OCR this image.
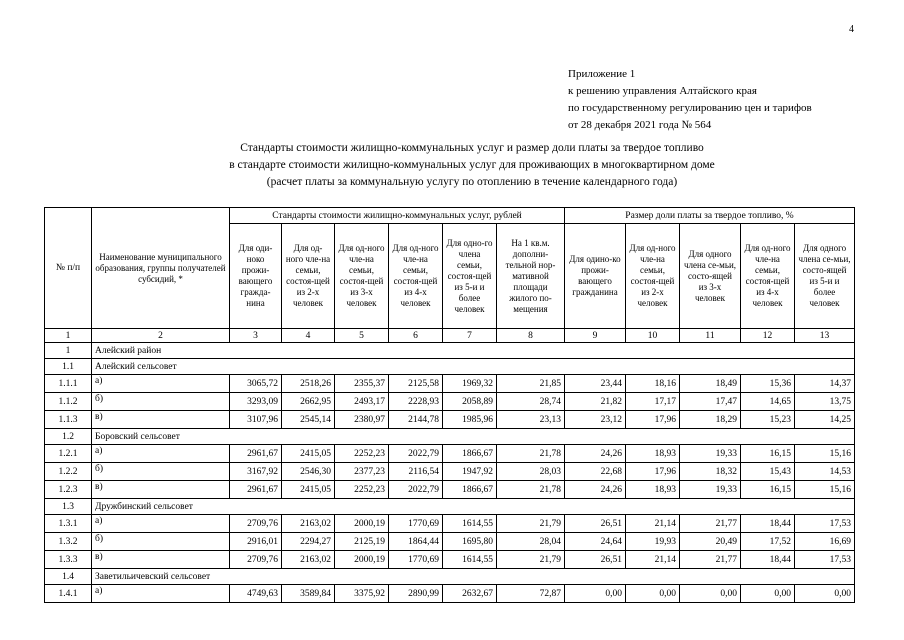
4
Приложение 1
к решению управления Алтайского края
по государственному регулированию цен и тарифов
от 28 декабря 2021 года № 564
Стандарты стоимости жилищно-коммунальных услуг и размер доли платы за твердое топливо
в стандарте стоимости жилищно-коммунальных услуг для проживающих в многоквартирном доме
(расчет платы за коммунальную услугу по отоплению в течение календарного года)
№ п/п	Наименование муниципального образования, группы получателей субсидий, *	Стандарты стоимости жилищно-коммунальных услуг, рублей						Размер доли платы за твердое топливо, %				
		Для оди-ноко прожи-вающего гражда-нина	Для од-ного чле-на семьи, состоя-щей из 2-х человек	Для од-ного чле-на семьи, состоя-щей из 3-х человек	Для од-ного чле-на семьи, состоя-щей из 4-х человек	Для одно-го члена семьи, состоя-щей из 5-и и более человек	На 1 кв.м. дополни-тельной нор-мативной площади жилого по-мещения	Для одино-ко прожи-вающего гражданина	Для од-ного чле-на семьи, состоя-щей из 2-х человек	Для одного члена се-мьи, состо-ящей из 3-х человек	Для од-ного чле-на семьи, состоя-щей из 4-х человек	Для одного члена се-мьи, состо-ящей из 5-и и более человек
1	2	3	4	5	6	7	8	9	10	11	12	13
1	Алейский район											
1.1	Алейский сельсовет											
1.1.1	а)	3065,72	2518,26	2355,37	2125,58	1969,32	21,85	23,44	18,16	18,49	15,36	14,37
1.1.2	б)	3293,09	2662,95	2493,17	2228,93	2058,89	28,74	21,82	17,17	17,47	14,65	13,75
1.1.3	в)	3107,96	2545,14	2380,97	2144,78	1985,96	23,13	23,12	17,96	18,29	15,23	14,25
1.2	Боровский сельсовет											
1.2.1	а)	2961,67	2415,05	2252,23	2022,79	1866,67	21,78	24,26	18,93	19,33	16,15	15,16
1.2.2	б)	3167,92	2546,30	2377,23	2116,54	1947,92	28,03	22,68	17,96	18,32	15,43	14,53
1.2.3	в)	2961,67	2415,05	2252,23	2022,79	1866,67	21,78	24,26	18,93	19,33	16,15	15,16
1.3	Дружбинский сельсовет											
1.3.1	а)	2709,76	2163,02	2000,19	1770,69	1614,55	21,79	26,51	21,14	21,77	18,44	17,53
1.3.2	б)	2916,01	2294,27	2125,19	1864,44	1695,80	28,04	24,64	19,93	20,49	17,52	16,69
1.3.3	в)	2709,76	2163,02	2000,19	1770,69	1614,55	21,79	26,51	21,14	21,77	18,44	17,53
1.4	Заветильичевский сельсовет											
1.4.1	а)	4749,63	3589,84	3375,92	2890,99	2632,67	72,87	0,00	0,00	0,00	0,00	0,00
